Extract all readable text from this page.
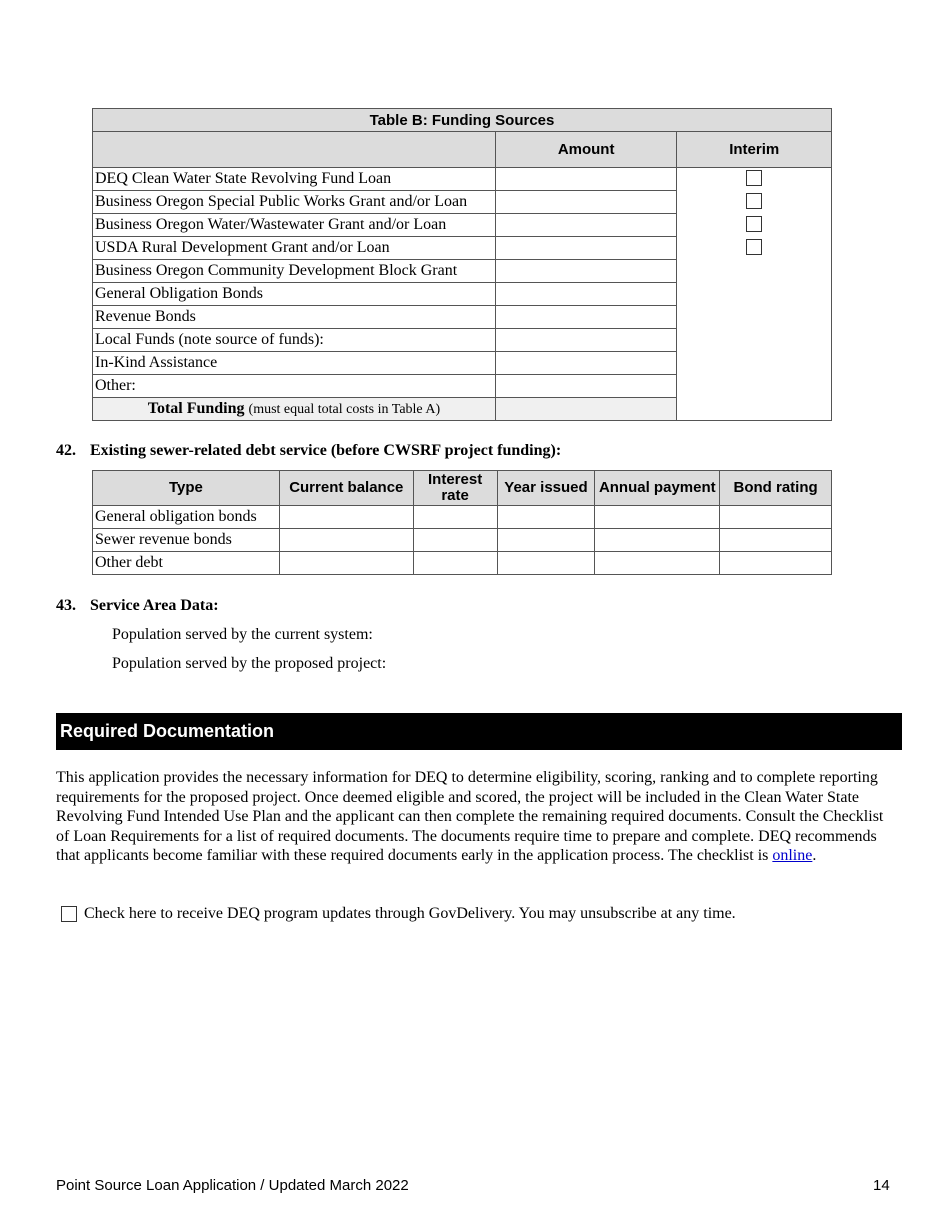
Table B: Funding Sources		
	Amount	Interim
DEQ Clean Water State Revolving Fund Loan		

Business Oregon Special Public Works Grant and/or Loan		
Business Oregon Water/Wastewater Grant and/or Loan		
USDA Rural Development Grant and/or Loan		
Business Oregon Community Development Block Grant		
General Obligation Bonds		
Revenue Bonds		
Local Funds (note source of funds):		
In-Kind Assistance		
Other:		
Total Funding (must equal total costs in Table A)		
42. Existing sewer-related debt service (before CWSRF project funding):
Type	Current balance	Interest rate	Year issued	Annual payment	Bond rating
General obligation bonds					
Sewer revenue bonds					
Other debt					
43. Service Area Data:
Population served by the current system:
Population served by the proposed project:
Required Documentation
This application provides the necessary information for DEQ to determine eligibility, scoring, ranking and to complete reporting requirements for the proposed project. Once deemed eligible and scored, the project will be included in the Clean Water State Revolving Fund Intended Use Plan and the applicant can then complete the remaining required documents. Consult the Checklist of Loan Requirements for a list of required documents. The documents require time to prepare and complete. DEQ recommends that applicants become familiar with these required documents early in the application process. The checklist is online.
Check here to receive DEQ program updates through GovDelivery. You may unsubscribe at any time.
Point Source Loan Application / Updated March 2022	14
